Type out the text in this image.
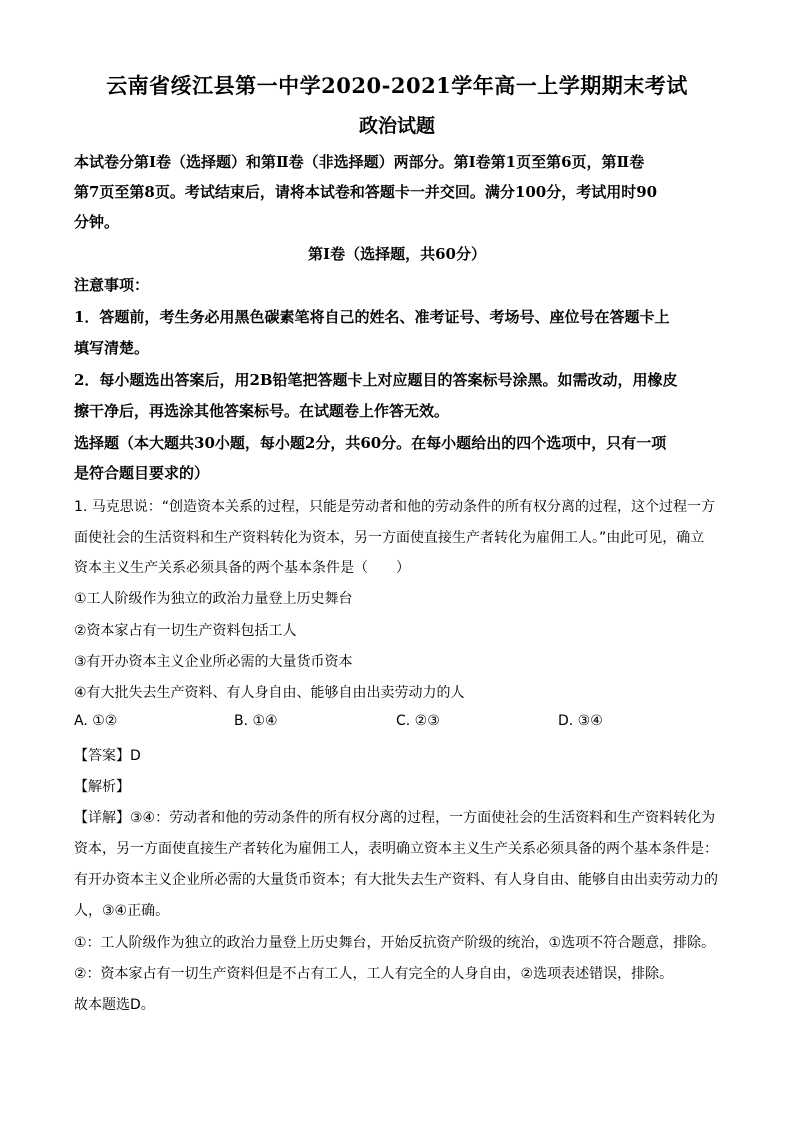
云南省绥江县第一中学2020-2021学年高一上学期期末考试
政治试题
本试卷分第Ⅰ卷（选择题）和第Ⅱ卷（非选择题）两部分。第Ⅰ卷第1页至第6页，第Ⅱ卷
第7页至第8页。考试结束后，请将本试卷和答题卡一并交回。满分100分，考试用时90
分钟。
第Ⅰ卷（选择题，共60分）
注意事项：
1．答题前，考生务必用黑色碳素笔将自己的姓名、准考证号、考场号、座位号在答题卡上
填写清楚。
2．每小题选出答案后，用2B铅笔把答题卡上对应题目的答案标号涂黑。如需改动，用橡皮
擦干净后，再选涂其他答案标号。在试题卷上作答无效。
选择题（本大题共30小题，每小题2分，共60分。在每小题给出的四个选项中，只有一项
是符合题目要求的）
1. 马克思说：“创造资本关系的过程，只能是劳动者和他的劳动条件的所有权分离的过程，这个过程一方
面使社会的生活资料和生产资料转化为资本，另一方面使直接生产者转化为雇佣工人。”由此可见，确立
资本主义生产关系必须具备的两个基本条件是（　　）
①工人阶级作为独立的政治力量登上历史舞台
②资本家占有一切生产资料包括工人
③有开办资本主义企业所必需的大量货币资本
④有大批失去生产资料、有人身自由、能够自由出卖劳动力的人
A. ①②	B. ①④	C. ②③	D. ③④
【答案】D
【解析】
【详解】③④：劳动者和他的劳动条件的所有权分离的过程，一方面使社会的生活资料和生产资料转化为
资本，另一方面使直接生产者转化为雇佣工人，表明确立资本主义生产关系必须具备的两个基本条件是：
有开办资本主义企业所必需的大量货币资本；有大批失去生产资料、有人身自由、能够自由出卖劳动力的
人，③④正确。
①：工人阶级作为独立的政治力量登上历史舞台，开始反抗资产阶级的统治，①选项不符合题意，排除。
②：资本家占有一切生产资料但是不占有工人，工人有完全的人身自由，②选项表述错误，排除。
故本题选D。
